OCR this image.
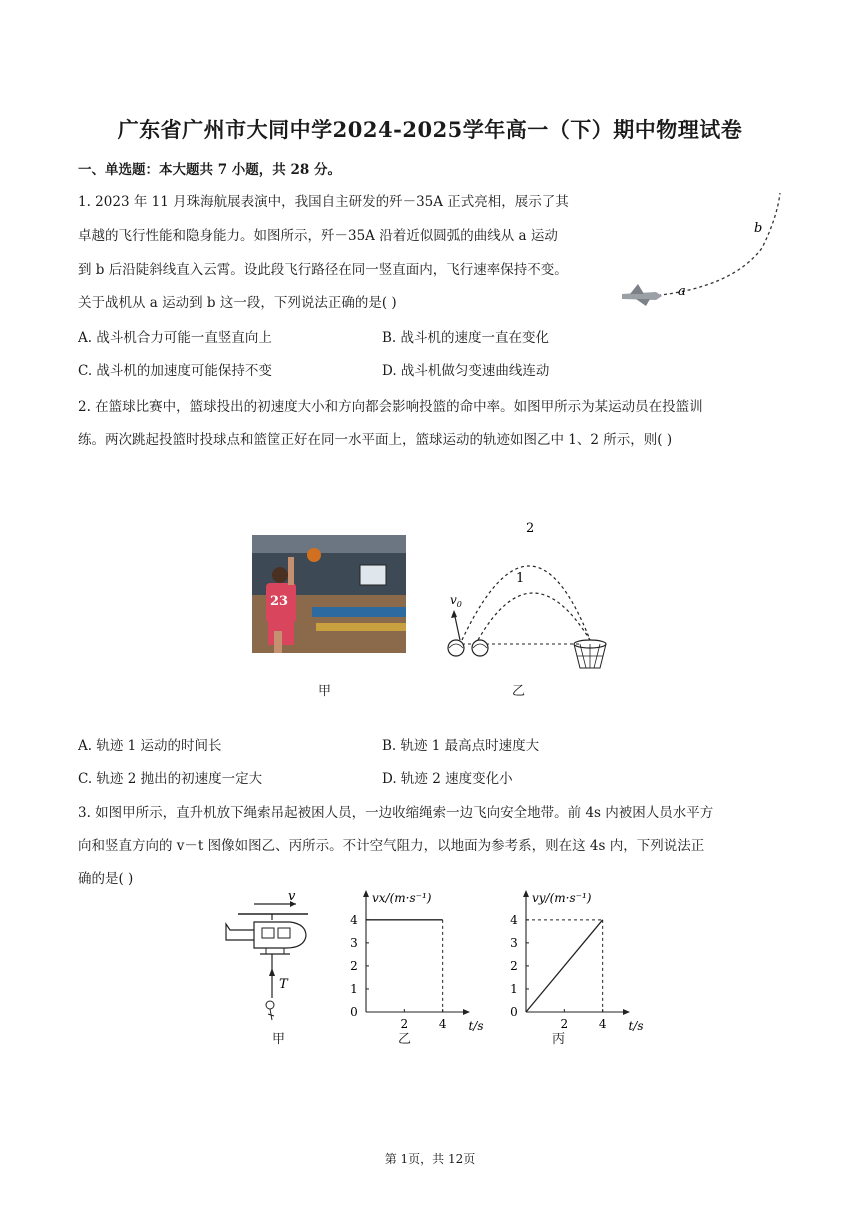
广东省广州市大同中学2024-2025学年高一（下）期中物理试卷
一、单选题：本大题共 7 小题，共 28 分。
1. 2023 年 11 月珠海航展表演中，我国自主研发的歼－35A 正式亮相，展示了其
卓越的飞行性能和隐身能力。如图所示，歼－35A 沿着近似圆弧的曲线从 a 运动
到 b 后沿陡斜线直入云霄。设此段飞行路径在同一竖直面内，飞行速率保持不变。
关于战机从 a 运动到 b 这一段，下列说法正确的是( )
a
b
A. 战斗机合力可能一直竖直向上	B. 战斗机的速度一直在变化
C. 战斗机的加速度可能保持不变	D. 战斗机做匀变速曲线连动
2. 在篮球比赛中，篮球投出的初速度大小和方向都会影响投篮的命中率。如图甲所示为某运动员在投篮训
练。两次跳起投篮时投球点和篮筐正好在同一水平面上，篮球运动的轨迹如图乙中 1、2 所示，则( )
23
甲
$v_0$
2
1
乙
A. 轨迹 1 运动的时间长	B. 轨迹 1 最高点时速度大
C. 轨迹 2 抛出的初速度一定大	D. 轨迹 2 速度变化小
3. 如图甲所示，直升机放下绳索吊起被困人员，一边收缩绳索一边飞向安全地带。前 4s 内被困人员水平方
向和竖直方向的 v－t 图像如图乙、丙所示。不计空气阻力，以地面为参考系，则在这 4s 内，下列说法正
确的是( )
v
T
甲
0
1
2
3
4
2	4 t/s
vx/(m·s⁻¹)
乙
0
1
2
3
4
2	4 t/s
vy/(m·s⁻¹)
丙
第 1页，共 12页
